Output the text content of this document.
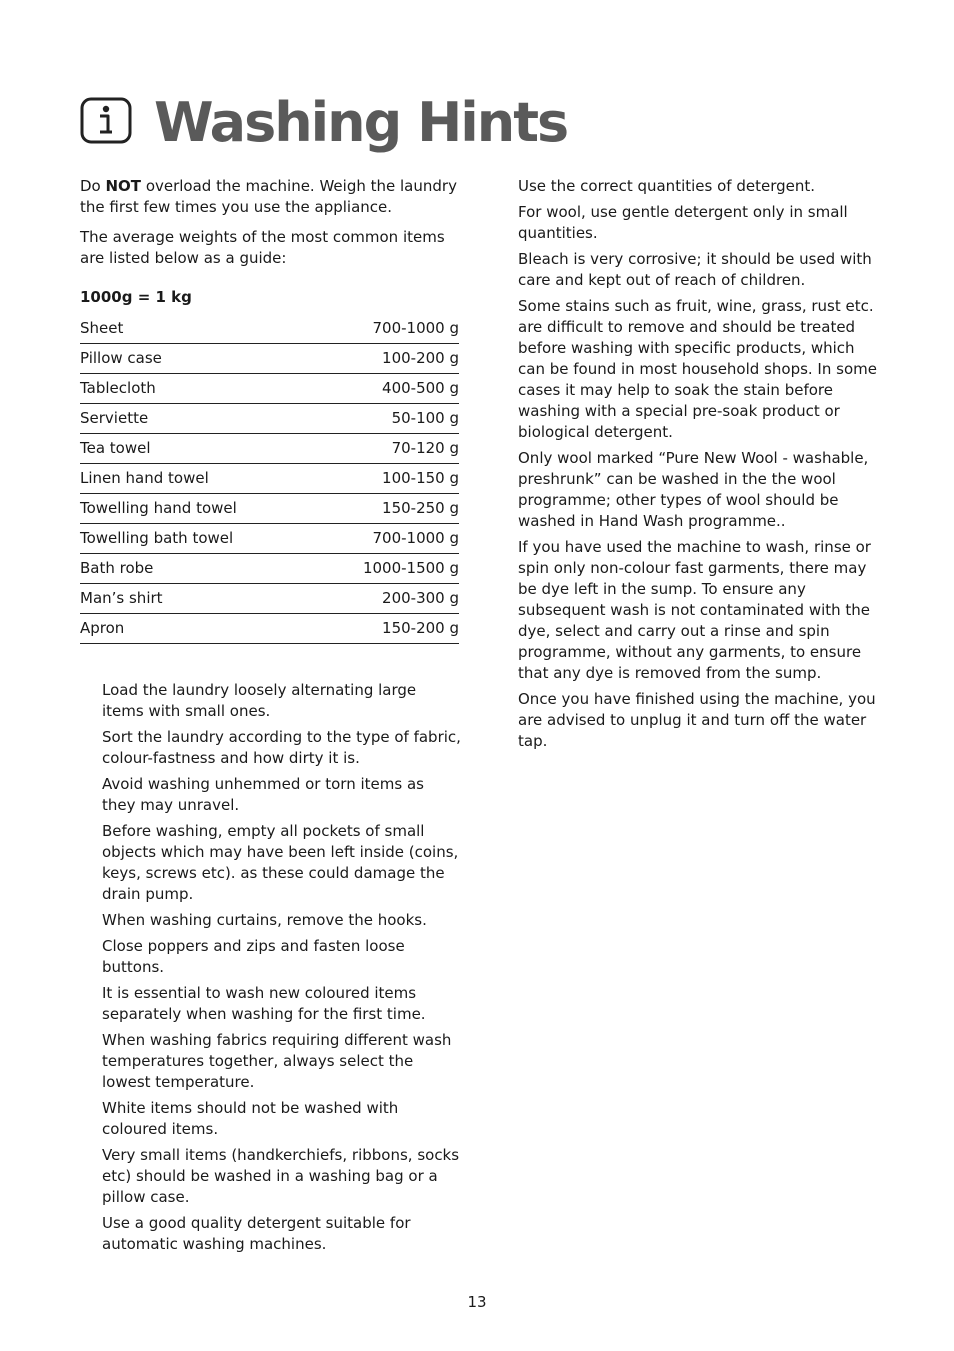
Washing Hints

Do NOT overload the machine. Weigh the laundry the first few times you use the appliance.

The average weights of the most common items are listed below as a guide:

1000g = 1 kg

Sheet	700-1000 g
Pillow case	100-200 g
Tablecloth	400-500 g
Serviette	50-100 g
Tea towel	70-120 g
Linen hand towel	100-150 g
Towelling hand towel	150-250 g
Towelling bath towel	700-1000 g
Bath robe	1000-1500 g
Man’s shirt	200-300 g
Apron	150-200 g

Load the laundry loosely alternating large items with small ones.

Sort the laundry according to the type of fabric, colour-fastness and how dirty it is.

Avoid washing unhemmed or torn items as they may unravel.

Before washing, empty all pockets of small objects which may have been left inside (coins, keys, screws etc). as these could damage the drain pump.

When washing curtains, remove the hooks.

Close poppers and zips and fasten loose buttons.

It is essential to wash new coloured items separately when washing for the first time.

When washing fabrics requiring different wash temperatures together, always select the lowest temperature.

White items should not be washed with coloured items.

Very small items (handkerchiefs, ribbons, socks etc) should be washed in a washing bag or a pillow case.

Use a good quality detergent suitable for automatic washing machines.

Use the correct quantities of detergent.

For wool, use gentle detergent only in small quantities.

Bleach is very corrosive; it should be used with care and kept out of reach of children.

Some stains such as fruit, wine, grass, rust etc. are difficult to remove and should be treated before washing with specific products, which can be found in most household shops. In some cases it may help to soak the stain before washing with a special pre-soak product or biological detergent.

Only wool marked “Pure New Wool - washable, preshrunk” can be washed in the the wool programme; other types of wool should be washed in Hand Wash programme..

If you have used the machine to wash, rinse or spin only non-colour fast garments, there may be dye left in the sump. To ensure any subsequent wash is not contaminated with the dye, select and carry out a rinse and spin programme, without any garments, to ensure that any dye is removed from the sump.

Once you have finished using the machine, you are advised to unplug it and turn off the water tap.

13
